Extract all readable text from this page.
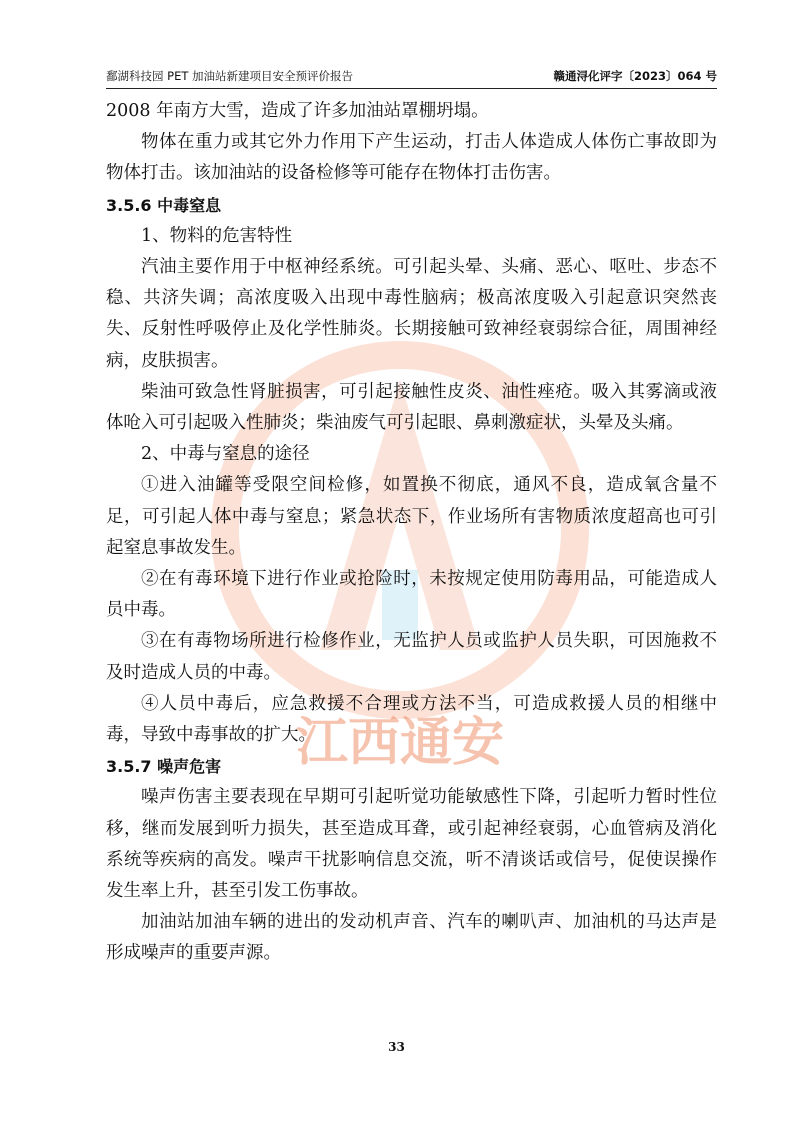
鄱湖科技园 PET 加油站新建项目安全预评价报告	赣通浔化评字〔2023〕064 号
江西通安

2008 年南方大雪，造成了许多加油站罩棚坍塌。

物体在重力或其它外力作用下产生运动，打击人体造成人体伤亡事故即为物体打击。该加油站的设备检修等可能存在物体打击伤害。

3.5.6 中毒窒息

1、物料的危害特性

汽油主要作用于中枢神经系统。可引起头晕、头痛、恶心、呕吐、步态不稳、共济失调；高浓度吸入出现中毒性脑病；极高浓度吸入引起意识突然丧失、反射性呼吸停止及化学性肺炎。长期接触可致神经衰弱综合征，周围神经病，皮肤损害。

柴油可致急性肾脏损害，可引起接触性皮炎、油性痤疮。吸入其雾滴或液体呛入可引起吸入性肺炎；柴油废气可引起眼、鼻刺激症状，头晕及头痛。

2、中毒与窒息的途径

①进入油罐等受限空间检修，如置换不彻底，通风不良，造成氧含量不足，可引起人体中毒与窒息；紧急状态下，作业场所有害物质浓度超高也可引起窒息事故发生。

②在有毒环境下进行作业或抢险时，未按规定使用防毒用品，可能造成人员中毒。

③在有毒物场所进行检修作业，无监护人员或监护人员失职，可因施救不及时造成人员的中毒。

④人员中毒后，应急救援不合理或方法不当，可造成救援人员的相继中毒，导致中毒事故的扩大。

3.5.7 噪声危害

噪声伤害主要表现在早期可引起听觉功能敏感性下降，引起听力暂时性位移，继而发展到听力损失，甚至造成耳聋，或引起神经衰弱，心血管病及消化系统等疾病的高发。噪声干扰影响信息交流，听不清谈话或信号，促使误操作发生率上升，甚至引发工伤事故。

加油站加油车辆的进出的发动机声音、汽车的喇叭声、加油机的马达声是形成噪声的重要声源。

33
